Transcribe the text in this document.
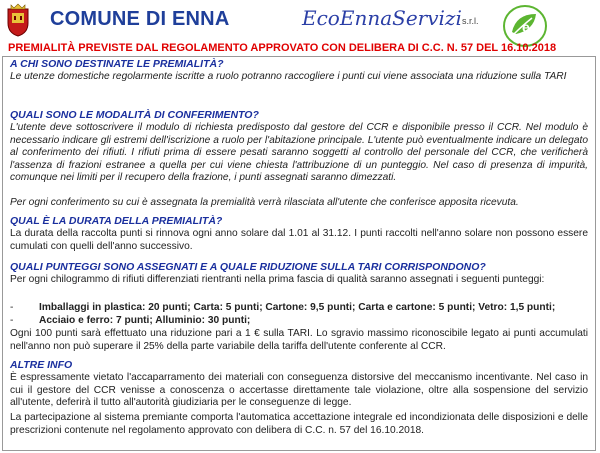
COMUNE DI ENNA	EcoEnnaServizi s.r.l.	e
PREMIALITÀ PREVISTE DAL REGOLAMENTO APPROVATO CON DELIBERA DI C.C. N. 57 DEL 16.10.2018
A CHI SONO DESTINATE LE PREMIALITÀ?
Le utenze domestiche regolarmente iscritte a ruolo potranno raccogliere i punti cui viene associata una riduzione sulla TARI
QUALI SONO LE MODALITÀ DI CONFERIMENTO?
L'utente deve sottoscrivere il modulo di richiesta predisposto dal gestore del CCR e disponibile presso il CCR. Nel modulo è necessario indicare gli estremi dell'iscrizione a ruolo per l'abitazione principale. L'utente può eventualmente indicare un delegato al conferimento dei rifiuti. I rifiuti prima di essere pesati saranno soggetti al controllo del personale del CCR, che verificherà l'assenza di frazioni estranee a quella per cui viene chiesta l'attribuzione di un punteggio. Nel caso di presenza di impurità, comunque nei limiti per il recupero della frazione, i punti assegnati saranno dimezzati.
Per ogni conferimento su cui è assegnata la premialità verrà rilasciata all'utente che conferisce apposita ricevuta.
QUAL È LA DURATA DELLA PREMIALITÀ?
La durata della raccolta punti si rinnova ogni anno solare dal 1.01 al 31.12. I punti raccolti nell'anno solare non possono essere cumulati con quelli dell'anno successivo.
QUALI PUNTEGGI SONO ASSEGNATI E A QUALE RIDUZIONE SULLA TARI CORRISPONDONO?
Per ogni chilogrammo di rifiuti differenziati rientranti nella prima fascia di qualità saranno assegnati i seguenti punteggi:
-	Imballaggi in plastica: 20 punti; Carta: 5 punti; Cartone: 9,5 punti; Carta e cartone: 5 punti; Vetro: 1,5 punti;
-	Acciaio e ferro: 7 punti; Alluminio: 30 punti;
Ogni 100 punti sarà effettuato una riduzione pari a 1 € sulla TARI. Lo sgravio massimo riconoscibile legato ai punti accumulati nell'anno non può superare il 25% della parte variabile della tariffa dell'utente conferente al CCR.
ALTRE INFO
È espressamente vietato l'accaparramento dei materiali con conseguenza distorsive del meccanismo incentivante. Nel caso in cui il gestore del CCR venisse a conoscenza o accertasse direttamente tale violazione, oltre alla sospensione del servizio all'utente, deferirà il tutto all'autorità giudiziaria per le conseguenze di legge.
La partecipazione al sistema premiante comporta l'automatica accettazione integrale ed incondizionata delle disposizioni e delle prescrizioni contenute nel regolamento approvato con delibera di C.C. n. 57 del 16.10.2018.
